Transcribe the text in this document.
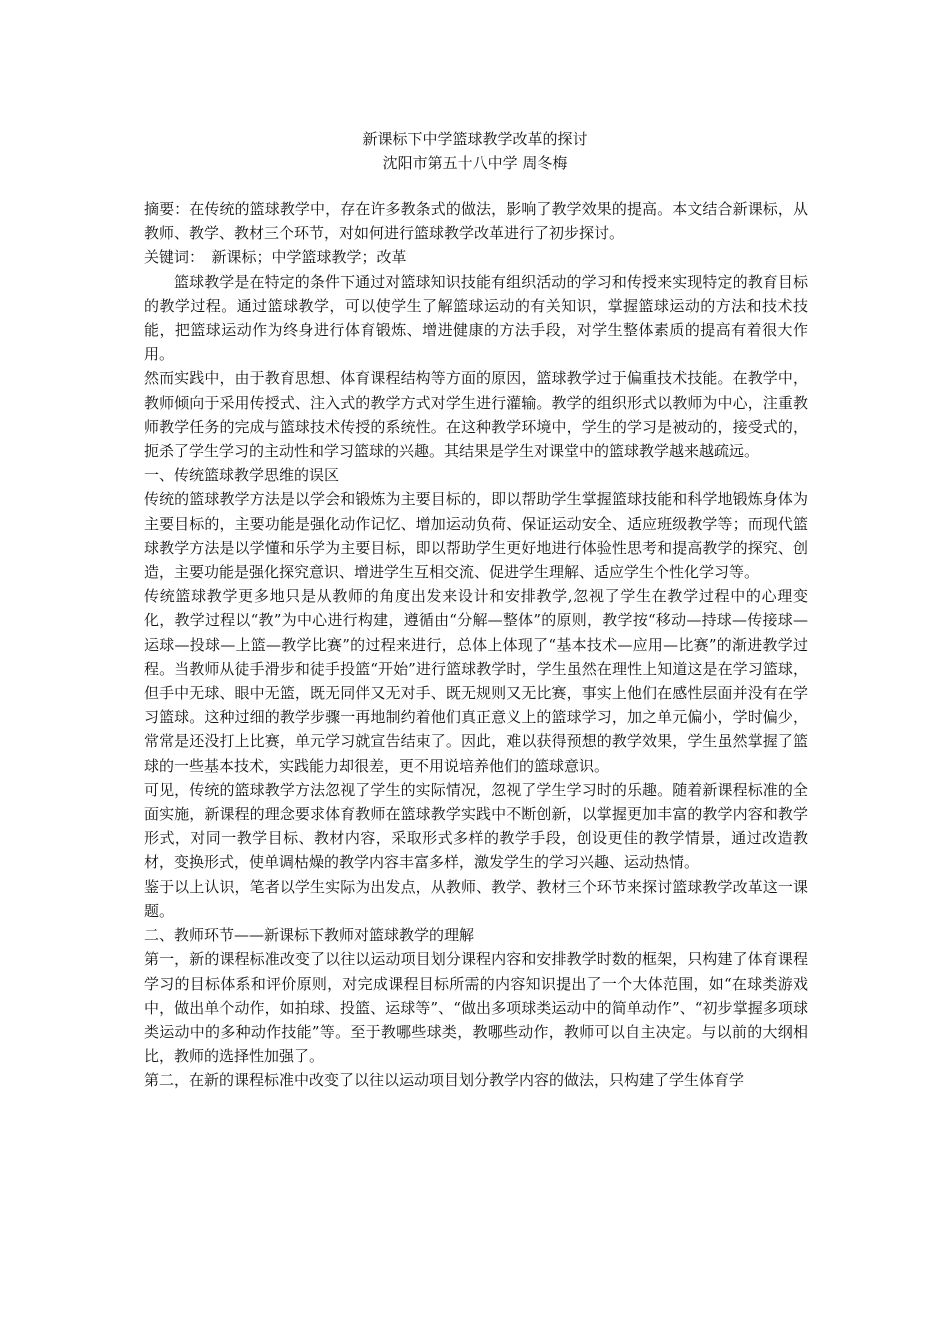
新课标下中学篮球教学改革的探讨
沈阳市第五十八中学 周冬梅

摘要：在传统的篮球教学中，存在许多教条式的做法，影响了教学效果的提高。本文结合新课标，从教师、教学、教材三个环节，对如何进行篮球教学改革进行了初步探讨。

关键词：　新课标；中学篮球教学；改革

篮球教学是在特定的条件下通过对篮球知识技能有组织活动的学习和传授来实现特定的教育目标的教学过程。通过篮球教学，可以使学生了解篮球运动的有关知识，掌握篮球运动的方法和技术技能，把篮球运动作为终身进行体育锻炼、增进健康的方法手段，对学生整体素质的提高有着很大作用。

然而实践中，由于教育思想、体育课程结构等方面的原因，篮球教学过于偏重技术技能。在教学中，教师倾向于采用传授式、注入式的教学方式对学生进行灌输。教学的组织形式以教师为中心，注重教师教学任务的完成与篮球技术传授的系统性。在这种教学环境中，学生的学习是被动的，接受式的，扼杀了学生学习的主动性和学习篮球的兴趣。其结果是学生对课堂中的篮球教学越来越疏远。

一、传统篮球教学思维的误区

传统的篮球教学方法是以学会和锻炼为主要目标的，即以帮助学生掌握篮球技能和科学地锻炼身体为主要目标的，主要功能是强化动作记忆、增加运动负荷、保证运动安全、适应班级教学等；而现代篮球教学方法是以学懂和乐学为主要目标，即以帮助学生更好地进行体验性思考和提高教学的探究、创造，主要功能是强化探究意识、增进学生互相交流、促进学生理解、适应学生个性化学习等。

传统篮球教学更多地只是从教师的角度出发来设计和安排教学,忽视了学生在教学过程中的心理变化，教学过程以“教”为中心进行构建，遵循由“分解—整体”的原则，教学按“移动—持球—传接球—运球—投球—上篮—教学比赛”的过程来进行，总体上体现了“基本技术—应用—比赛”的渐进教学过程。当教师从徒手滑步和徒手投篮“开始”进行篮球教学时，学生虽然在理性上知道这是在学习篮球，但手中无球、眼中无篮，既无同伴又无对手、既无规则又无比赛，事实上他们在感性层面并没有在学习篮球。这种过细的教学步骤一再地制约着他们真正意义上的篮球学习，加之单元偏小，学时偏少，常常是还没打上比赛，单元学习就宣告结束了。因此，难以获得预想的教学效果，学生虽然掌握了篮球的一些基本技术，实践能力却很差，更不用说培养他们的篮球意识。

可见，传统的篮球教学方法忽视了学生的实际情况，忽视了学生学习时的乐趣。随着新课程标准的全面实施，新课程的理念要求体育教师在篮球教学实践中不断创新，以掌握更加丰富的教学内容和教学形式，对同一教学目标、教材内容，采取形式多样的教学手段，创设更佳的教学情景，通过改造教材，变换形式，使单调枯燥的教学内容丰富多样，激发学生的学习兴趣、运动热情。

鉴于以上认识，笔者以学生实际为出发点，从教师、教学、教材三个环节来探讨篮球教学改革这一课题。

二、教师环节——新课标下教师对篮球教学的理解

第一，新的课程标准改变了以往以运动项目划分课程内容和安排教学时数的框架，只构建了体育课程学习的目标体系和评价原则，对完成课程目标所需的内容知识提出了一个大体范围，如“在球类游戏中，做出单个动作，如拍球、投篮、运球等”、“做出多项球类运动中的简单动作”、“初步掌握多项球类运动中的多种动作技能”等。至于教哪些球类，教哪些动作，教师可以自主决定。与以前的大纲相比，教师的选择性加强了。

第二，在新的课程标准中改变了以往以运动项目划分教学内容的做法，只构建了学生体育学
